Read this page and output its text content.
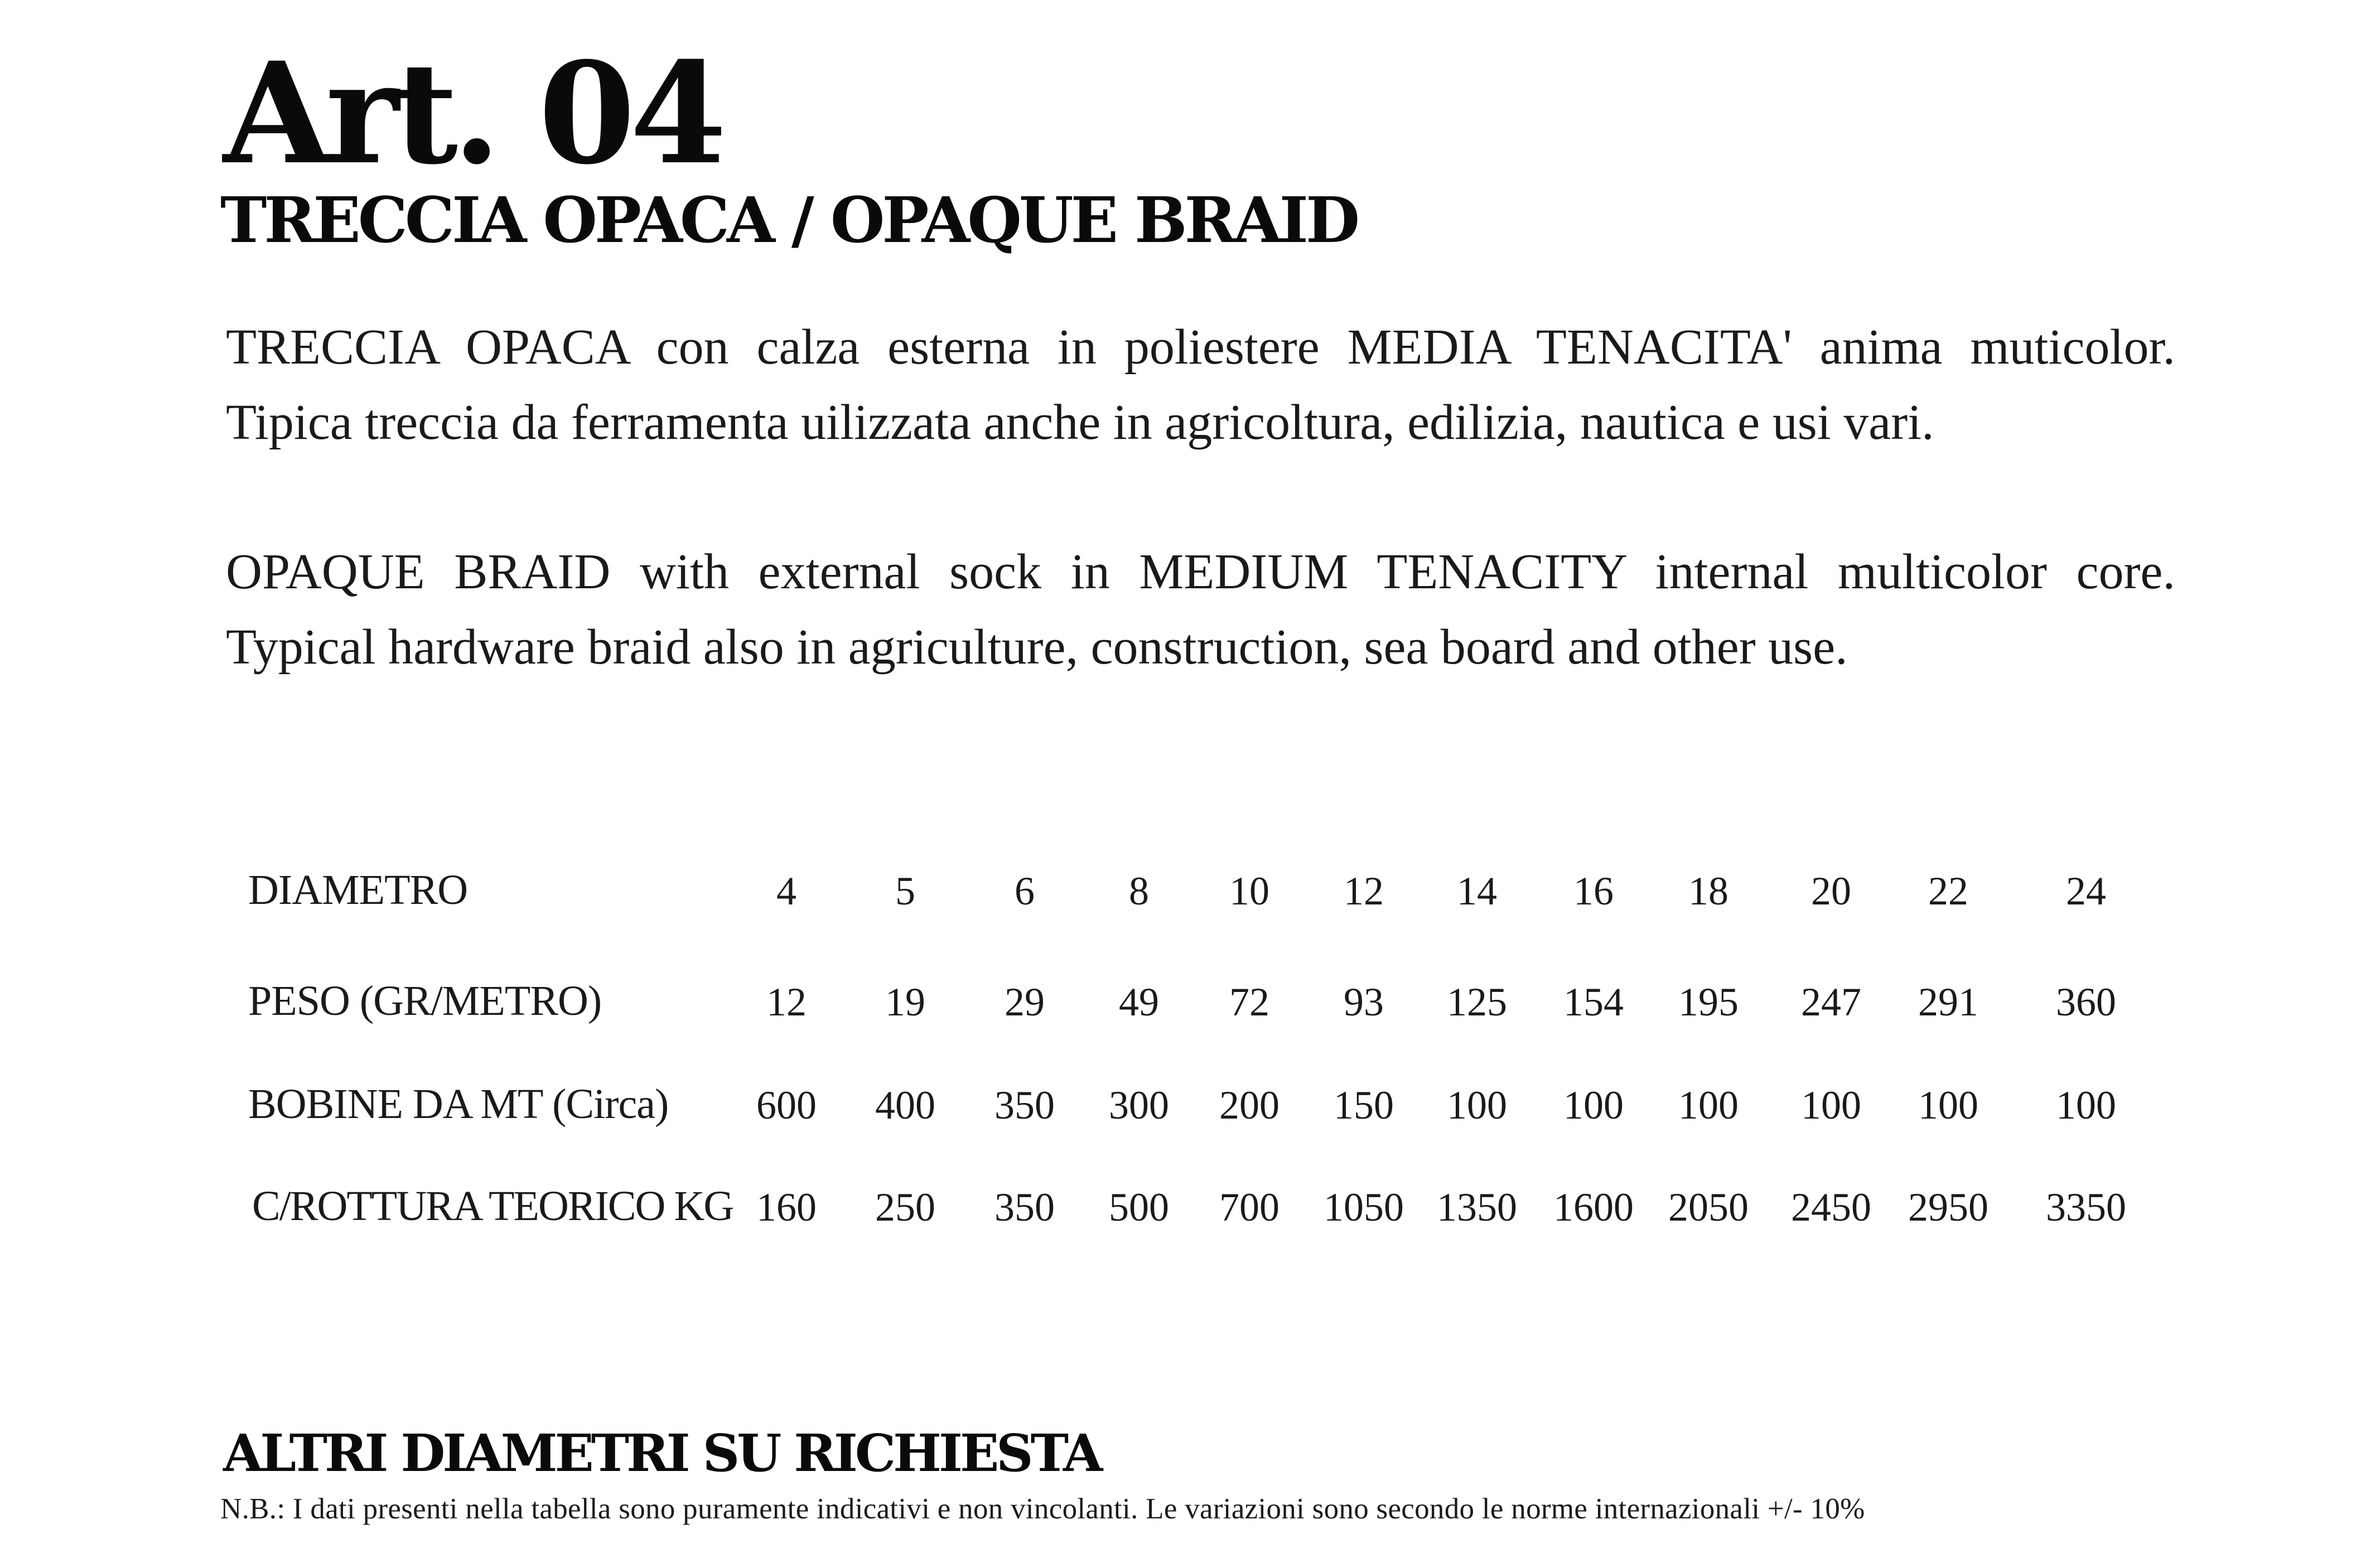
Art. 04
TRECCIA OPACA / OPAQUE BRAID
TRECCIA OPACA con calza esterna in poliestere MEDIA TENACITA' anima muticolor.
Tipica treccia da ferramenta uilizzata anche in agricoltura, edilizia, nautica e usi vari.
OPAQUE BRAID with external sock in MEDIUM TENACITY internal multicolor core.
Typical hardware braid also in agriculture, construction, sea board and other use.
DIAMETRO	4	5	6	8	10	12	14	16	18	20	22	24
PESO (GR/METRO)	12	19	29	49	72	93	125	154	195	247	291	360
BOBINE DA MT (Circa)	600	400	350	300	200	150	100	100	100	100	100	100
C/ROTTURA TEORICO KG 160	250	350	500	700	1050 1350 1600 2050	2450 2950	3350
ALTRI DIAMETRI SU RICHIESTA
N.B.: I dati presenti nella tabella sono puramente indicativi e non vincolanti. Le variazioni sono secondo le norme internazionali +/- 10%
